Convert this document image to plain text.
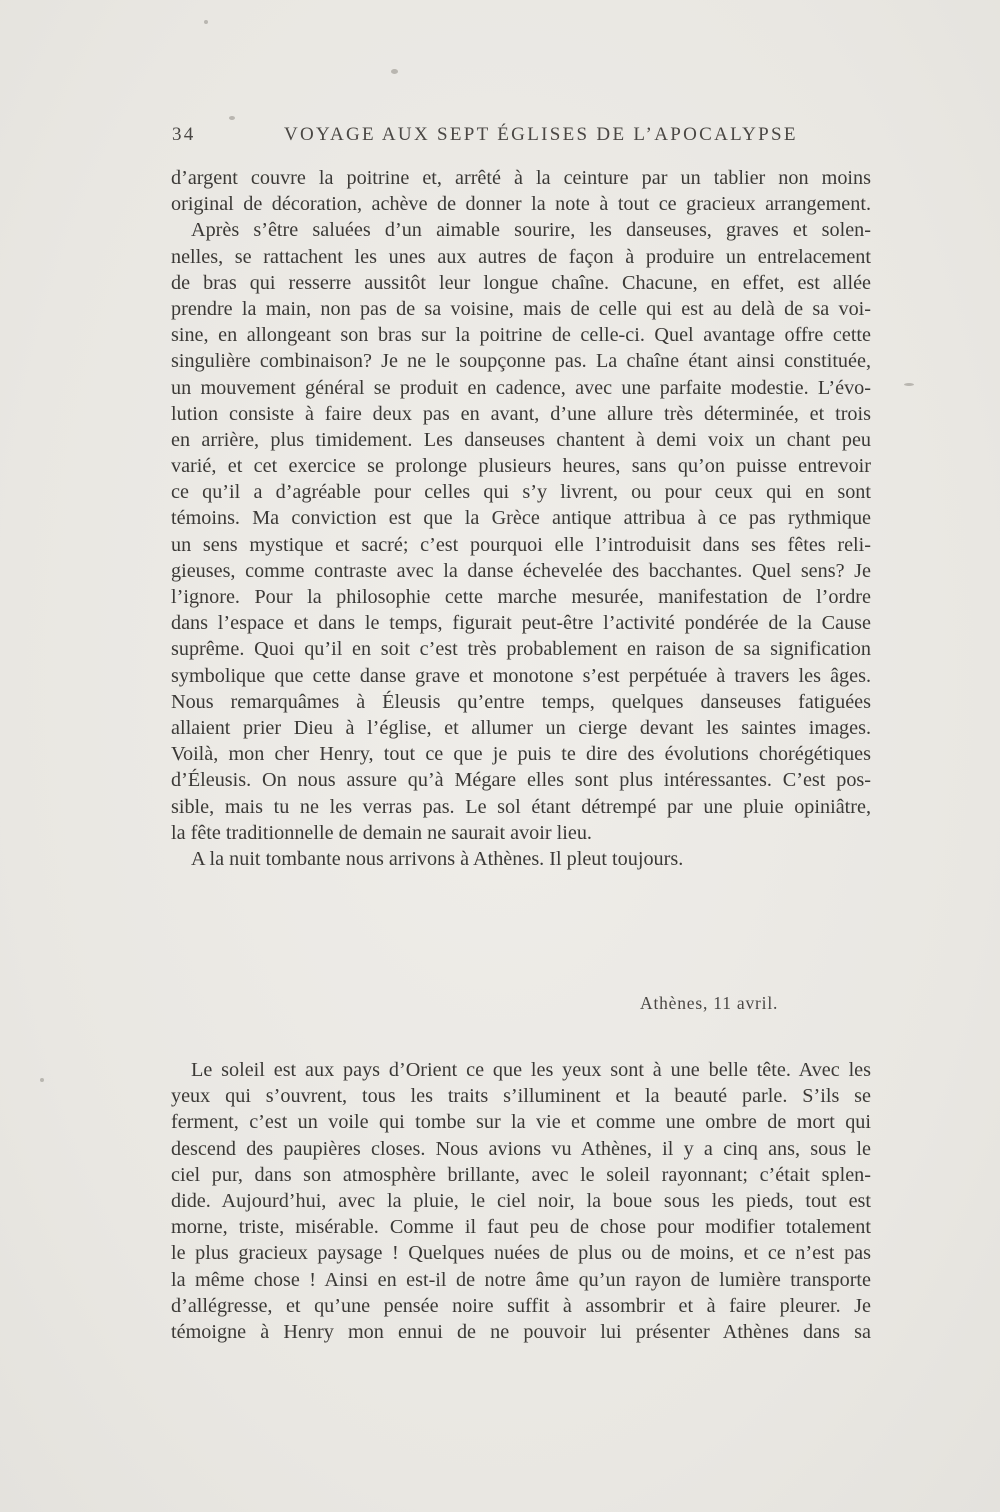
34	VOYAGE AUX SEPT ÉGLISES DE L’APOCALYPSE
d’argent couvre la poitrine et, arrêté à la ceinture par un tablier non moins
original de décoration, achève de donner la note à tout ce gracieux arrangement.
Après s’être saluées d’un aimable sourire, les danseuses, graves et solen-
nelles, se rattachent les unes aux autres de façon à produire un entrelacement
de bras qui resserre aussitôt leur longue chaîne. Chacune, en effet, est allée
prendre la main, non pas de sa voisine, mais de celle qui est au delà de sa voi-
sine, en allongeant son bras sur la poitrine de celle-ci. Quel avantage offre cette
singulière combinaison? Je ne le soupçonne pas. La chaîne étant ainsi constituée,
un mouvement général se produit en cadence, avec une parfaite modestie. L’évo-
lution consiste à faire deux pas en avant, d’une allure très déterminée, et trois
en arrière, plus timidement. Les danseuses chantent à demi voix un chant peu
varié, et cet exercice se prolonge plusieurs heures, sans qu’on puisse entrevoir
ce qu’il a d’agréable pour celles qui s’y livrent, ou pour ceux qui en sont
témoins. Ma conviction est que la Grèce antique attribua à ce pas rythmique
un sens mystique et sacré; c’est pourquoi elle l’introduisit dans ses fêtes reli-
gieuses, comme contraste avec la danse échevelée des bacchantes. Quel sens? Je
l’ignore. Pour la philosophie cette marche mesurée, manifestation de l’ordre
dans l’espace et dans le temps, figurait peut-être l’activité pondérée de la Cause
suprême. Quoi qu’il en soit c’est très probablement en raison de sa signification
symbolique que cette danse grave et monotone s’est perpétuée à travers les âges.
Nous remarquâmes à Éleusis qu’entre temps, quelques danseuses fatiguées
allaient prier Dieu à l’église, et allumer un cierge devant les saintes images.
Voilà, mon cher Henry, tout ce que je puis te dire des évolutions chorégétiques
d’Éleusis. On nous assure qu’à Mégare elles sont plus intéressantes. C’est pos-
sible, mais tu ne les verras pas. Le sol étant détrempé par une pluie opiniâtre,
la fête traditionnelle de demain ne saurait avoir lieu.
A la nuit tombante nous arrivons à Athènes. Il pleut toujours.
Athènes, 11 avril.
Le soleil est aux pays d’Orient ce que les yeux sont à une belle tête. Avec les
yeux qui s’ouvrent, tous les traits s’illuminent et la beauté parle. S’ils se
ferment, c’est un voile qui tombe sur la vie et comme une ombre de mort qui
descend des paupières closes. Nous avions vu Athènes, il y a cinq ans, sous le
ciel pur, dans son atmosphère brillante, avec le soleil rayonnant; c’était splen-
dide. Aujourd’hui, avec la pluie, le ciel noir, la boue sous les pieds, tout est
morne, triste, misérable. Comme il faut peu de chose pour modifier totalement
le plus gracieux paysage ! Quelques nuées de plus ou de moins, et ce n’est pas
la même chose ! Ainsi en est-il de notre âme qu’un rayon de lumière transporte
d’allégresse, et qu’une pensée noire suffit à assombrir et à faire pleurer. Je
témoigne à Henry mon ennui de ne pouvoir lui présenter Athènes dans sa
